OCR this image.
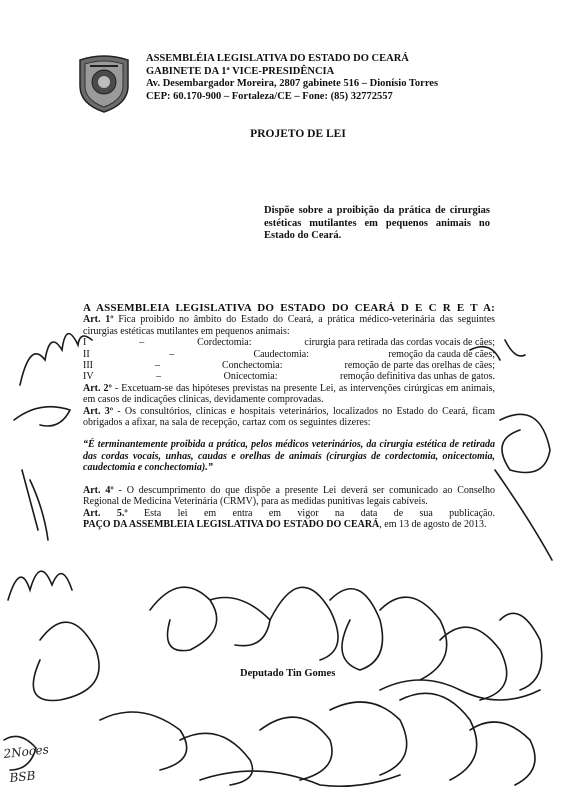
ASSEMBLÉIA LEGISLATIVA DO ESTADO DO CEARÁ
GABINETE DA 1ª VICE-PRESIDÊNCIA
Av. Desembargador Moreira, 2807 gabinete 516 – Dionísio Torres
CEP: 60.170-900 – Fortaleza/CE – Fone: (85) 32772557
PROJETO DE LEI
Dispõe sobre a proibição da prática de cirurgias estéticas mutilantes em pequenos animais no Estado do Ceará.
A ASSEMBLEIA LEGISLATIVA DO ESTADO DO CEARÁ D E C R E T A:
Art. 1º Fica proibido no âmbito do Estado do Ceará, a prática médico-veterinária das seguintes cirurgias estéticas mutilantes em pequenos animais:
I	–	Cordectomia:	cirurgia para retirada das cordas vocais de cães;
II	–	Caudectomia:	remoção da cauda de cães;
III	–	Conchectomia:	remoção de parte das orelhas de cães;
IV	–	Onicectomia:	remoção definitiva das unhas de gatos.
Art. 2º - Excetuam-se das hipóteses previstas na presente Lei, as intervenções cirúrgicas em animais, em casos de indicações clínicas, devidamente comprovadas.
Art. 3º - Os consultórios, clínicas e hospitais veterinários, localizados no Estado do Ceará, ficam obrigados a afixar, na sala de recepção, cartaz com os seguintes dizeres:
“É terminantemente proibida a prática, pelos médicos veterinários, da cirurgia estética de retirada das cordas vocais, unhas, caudas e orelhas de animais (cirurgias de cordectomia, onicectomia, caudectomia e conchectomia).”
Art. 4º - O descumprimento do que dispõe a presente Lei deverá ser comunicado ao Conselho Regional de Medicina Veterinária (CRMV), para as medidas punitivas legais cabíveis.
Art. 5.º Esta lei em entra em vigor na data de sua publicação.
PAÇO DA ASSEMBLEIA LEGISLATIVA DO ESTADO DO CEARÁ, em 13 de agosto de 2013.
Deputado Tin Gomes
2Noces
BSB
